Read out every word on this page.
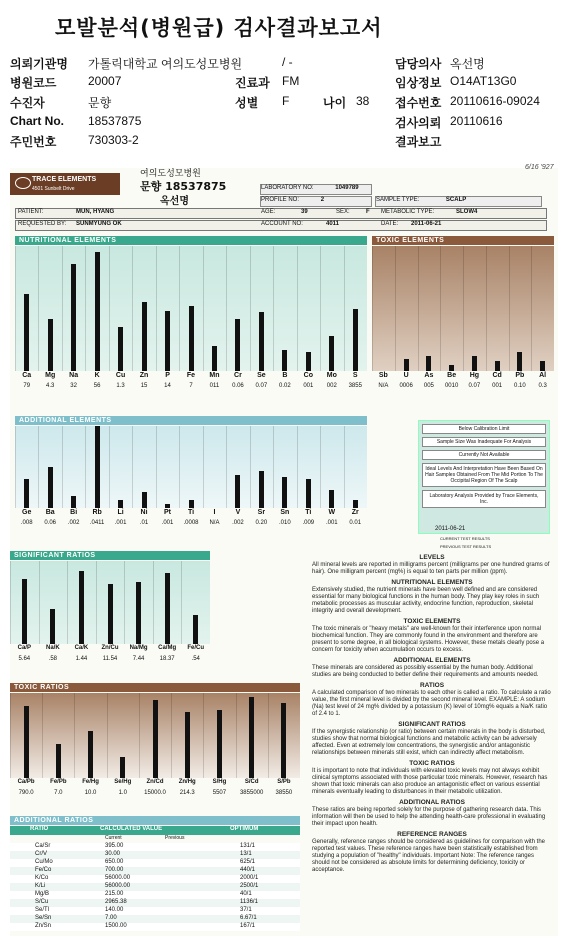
모발분석(병원급) 검사결과보고서
의뢰기관명 가톨릭대학교 여의도성모병원	/ -	담당의사 옥선명
병원코드	20007	진료과 FM	임상정보 O14AT13G0
수진자	문향	성별 F	나이 38 접수번호 20110616-09024
Chart No. 18537875	검사의뢰 20110616
주민번호	730303-2	결과보고
TRACE ELEMENTS
4501 Sunbelt Drive
여의도성모병원
문향 18537875
옥선명
6/16 '927
LABORATORY NO:	1049789
PROFILE NO:	2	SAMPLE TYPE:	SCALP
PATIENT:	MUN, HYANG	AGE:	39	SEX:	F METABOLIC TYPE:	SLOW4
REQUESTED BY: SUNMYUNG OK	ACCOUNT NO:	4011	DATE: 2011-06-21
NUTRITIONAL ELEMENTS
Ca	Mg	Na	K	Cu	Zn	P	Fe	Mn	Cr	Se	B	Co	Mo	S
79	4.3	32	56	1.3	15	14	7	011	0.06	0.07	0.02	001	002	3855
TOXIC ELEMENTS
Sb	U	As	Be	Hg	Cd	Pb	Al
N/A	0006	005	0010	0.07	001	0.10	0.3
ADDITIONAL ELEMENTS
Ge	Ba	Bi	Rb	Li	Ni	Pt	Ti	I	V	Sr	Sn	Ti	W	Zr
.008	0.06	.002	.0411	.001	.01	.001	.0008	N/A	.002	0.20	.010	.009	.001	0.01
Below Calibration Limit
Sample Size Was Inadequate For Analysis
Currently Not Available
Ideal Levels And Interpretation Have Been Based On Hair Samples Obtained From The Mid Portion To The Occipital Region Of The Scalp
Laboratory Analysis Provided by Trace Elements, Inc.
2011-06-21
CURRENT TEST RESULTS
PREVIOUS TEST RESULTS
SIGNIFICANT RATIOS
Ca/P	Na/K	Ca/K	Zn/Cu	Na/Mg	Ca/Mg	Fe/Cu
5.64	.58	1.44	11.54	7.44	18.37	.54
TOXIC RATIOS
Ca/Pb	Fe/Pb	Fe/Hg	Se/Hg	Zn/Cd	Zn/Hg	S/Hg	S/Cd	S/Pb
790.0	7.0	10.0	1.0	15000.0	214.3	5507	3855000	38550
ADDITIONAL RATIOS
RATIO	CALCULATED VALUE	OPTIMUM
Current	Previous
Ca/Sr	395.00	131/1
Cr/V	30.00	13/1
Cu/Mo	650.00	625/1
Fe/Co	700.00	440/1
K/Co	56000.00	2000/1
K/Li	56000.00	2500/1
Mg/B	215.00	40/1
S/Cu	2965.38	1136/1
Se/Tl	140.00	37/1
Se/Sn	7.00	6.67/1
Zn/Sn	1500.00	167/1
LEVELS

All mineral levels are reported in milligrams percent (milligrams per one hundred grams of hair). One milligram percent (mg%) is equal to ten parts per million (ppm).

NUTRITIONAL ELEMENTS

Extensively studied, the nutrient minerals have been well defined and are considered essential for many biological functions in the human body. They play key roles in such metabolic processes as muscular activity, endocrine function, reproduction, skeletal integrity and overall development.

TOXIC ELEMENTS

The toxic minerals or "heavy metals" are well-known for their interference upon normal biochemical function. They are commonly found in the environment and therefore are present to some degree, in all biological systems. However, these metals clearly pose a concern for toxicity when accumulation occurs to excess.

ADDITIONAL ELEMENTS

These minerals are considered as possibly essential by the human body. Additional studies are being conducted to better define their requirements and amounts needed.

RATIOS

A calculated comparison of two minerals to each other is called a ratio. To calculate a ratio value, the first mineral level is divided by the second mineral level. EXAMPLE: A sodium (Na) test level of 24 mg% divided by a potassium (K) level of 10mg% equals a Na/K ratio of 2.4 to 1.

SIGNIFICANT RATIOS

If the synergistic relationship (or ratio) between certain minerals in the body is disturbed, studies show that normal biological functions and metabolic activity can be adversely affected. Even at extremely low concentrations, the synergistic and/or antagonistic relationships between minerals still exist, which can indirectly affect metabolism.

TOXIC RATIOS

It is important to note that individuals with elevated toxic levels may not always exhibit clinical symptoms associated with those particular toxic minerals. However, research has shown that toxic minerals can also produce an antagonistic effect on various essential minerals eventually leading to disturbances in their metabolic utilization.

ADDITIONAL RATIOS

These ratios are being reported solely for the purpose of gathering research data. This information will then be used to help the attending health-care professional in evaluating their impact upon health.

REFERENCE RANGES

Generally, reference ranges should be considered as guidelines for comparison with the reported test values. These reference ranges have been statistically established from studying a population of "healthy" individuals. Important Note: The reference ranges should not be considered as absolute limits for determining deficiency, toxicity or acceptance.
